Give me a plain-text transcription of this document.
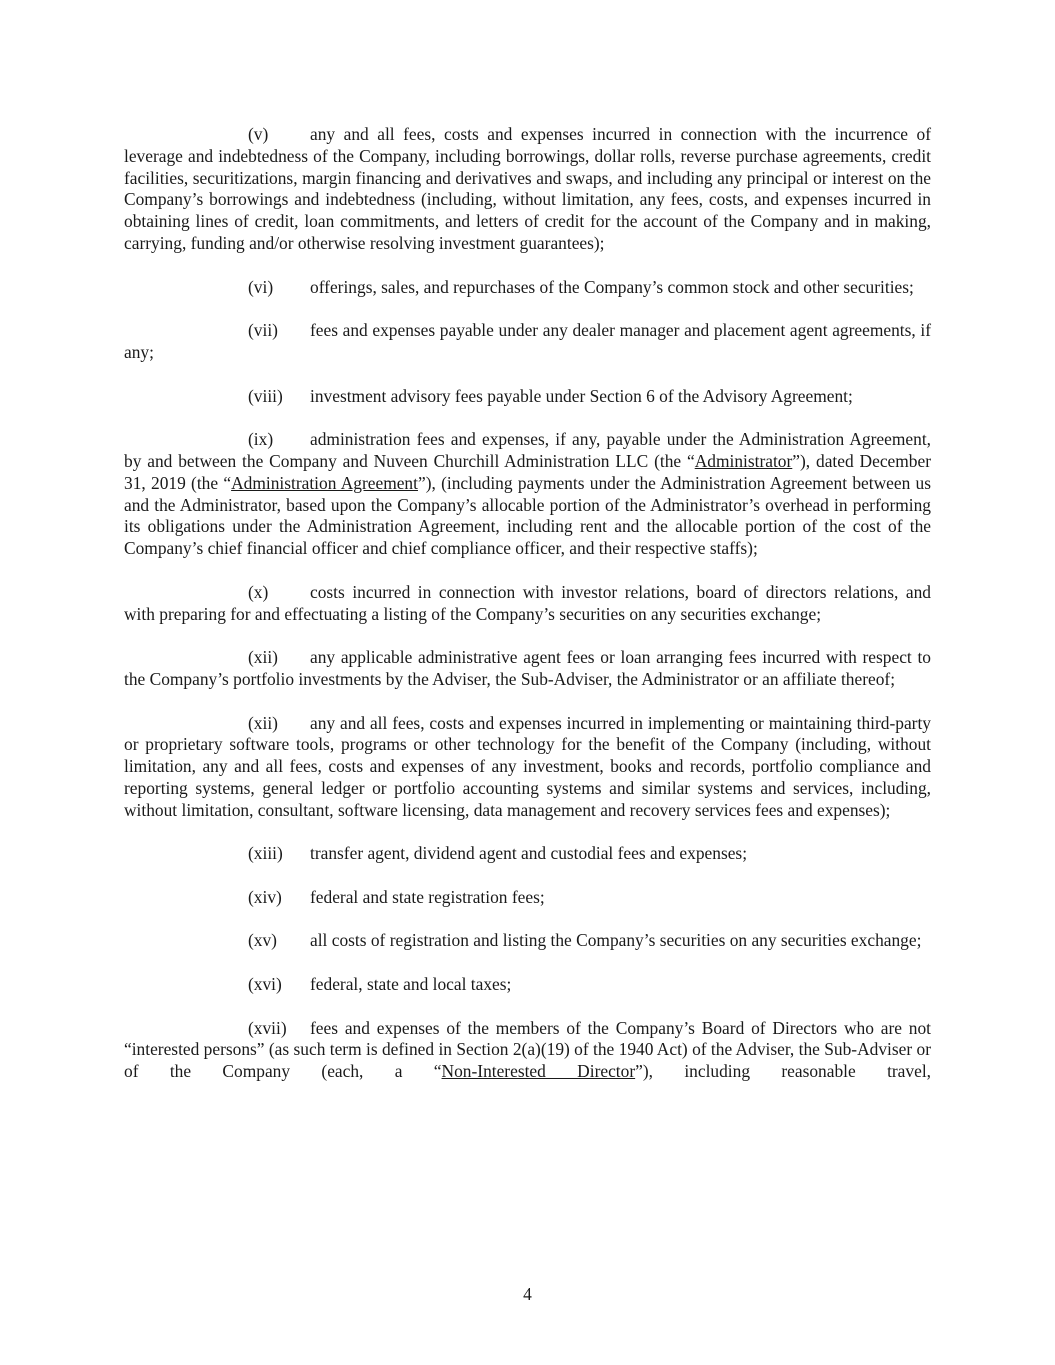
(v) any and all fees, costs and expenses incurred in connection with the incurrence of leverage and indebtedness of the Company, including borrowings, dollar rolls, reverse purchase agreements, credit facilities, securitizations, margin financing and derivatives and swaps, and including any principal or interest on the Company’s borrowings and indebtedness (including, without limitation, any fees, costs, and expenses incurred in obtaining lines of credit, loan commitments, and letters of credit for the account of the Company and in making, carrying, funding and/or otherwise resolving investment guarantees);

(vi) offerings, sales, and repurchases of the Company’s common stock and other securities;

(vii) fees and expenses payable under any dealer manager and placement agent agreements, if any;

(viii) investment advisory fees payable under Section 6 of the Advisory Agreement;

(ix) administration fees and expenses, if any, payable under the Administration Agreement, by and between the Company and Nuveen Churchill Administration LLC (the “Administrator”), dated December 31, 2019 (the “Administration Agreement”), (including payments under the Administration Agreement between us and the Administrator, based upon the Company’s allocable portion of the Administrator’s overhead in performing its obligations under the Administration Agreement, including rent and the allocable portion of the cost of the Company’s chief financial officer and chief compliance officer, and their respective staffs);

(x) costs incurred in connection with investor relations, board of directors relations, and with preparing for and effectuating a listing of the Company’s securities on any securities exchange;

(xii) any applicable administrative agent fees or loan arranging fees incurred with respect to the Company’s portfolio investments by the Adviser, the Sub-Adviser, the Administrator or an affiliate thereof;

(xii) any and all fees, costs and expenses incurred in implementing or maintaining third-party or proprietary software tools, programs or other technology for the benefit of the Company (including, without limitation, any and all fees, costs and expenses of any investment, books and records, portfolio compliance and reporting systems, general ledger or portfolio accounting systems and similar systems and services, including, without limitation, consultant, software licensing, data management and recovery services fees and expenses);

(xiii) transfer agent, dividend agent and custodial fees and expenses;

(xiv) federal and state registration fees;

(xv) all costs of registration and listing the Company’s securities on any securities exchange;

(xvi) federal, state and local taxes;

(xvii) fees and expenses of the members of the Company’s Board of Directors who are not “interested persons” (as such term is defined in Section 2(a)(19) of the 1940 Act) of the Adviser, the Sub-Adviser or of the Company (each, a “Non-Interested Director”), including reasonable travel,

4
